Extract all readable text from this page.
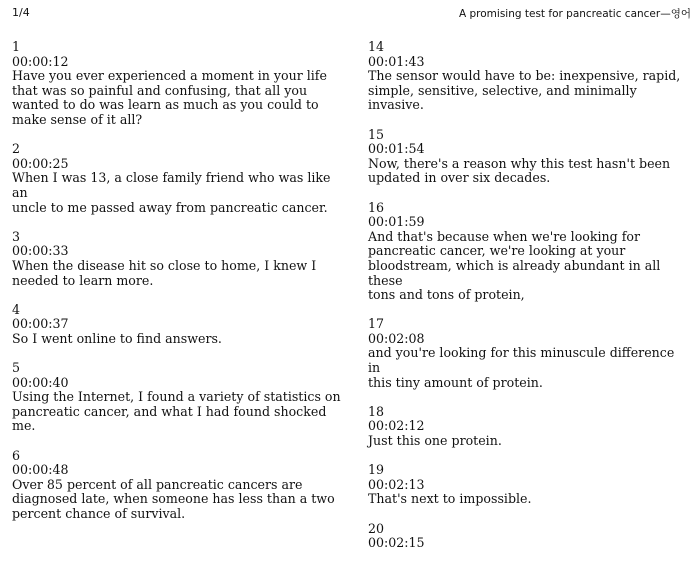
1/4	A promising test for pancreatic cancer—영어
1
00:00:12
Have you ever experienced a moment in your life
that was so painful and confusing, that all you
wanted to do was learn as much as you could to
make sense of it all?
2
00:00:25
When I was 13, a close family friend who was like an
uncle to me passed away from pancreatic cancer.
3
00:00:33
When the disease hit so close to home, I knew I
needed to learn more.
4
00:00:37
So I went online to find answers.
5
00:00:40
Using the Internet, I found a variety of statistics on
pancreatic cancer, and what I had found shocked
me.
6
00:00:48
Over 85 percent of all pancreatic cancers are
diagnosed late, when someone has less than a two
percent chance of survival.
14
00:01:43
The sensor would have to be: inexpensive, rapid,
simple, sensitive, selective, and minimally invasive.
15
00:01:54
Now, there's a reason why this test hasn't been
updated in over six decades.
16
00:01:59
And that's because when we're looking for
pancreatic cancer, we're looking at your
bloodstream, which is already abundant in all these
tons and tons of protein,
17
00:02:08
and you're looking for this minuscule difference in
this tiny amount of protein.
18
00:02:12
Just this one protein.
19
00:02:13
That's next to impossible.
20
00:02:15
